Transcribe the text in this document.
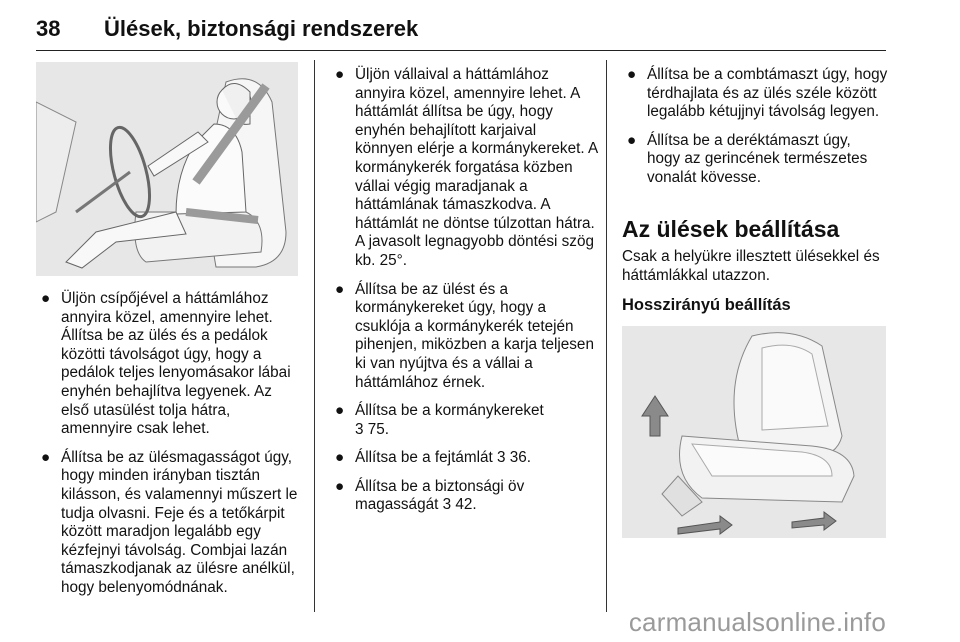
38 Ülések, biztonsági rendszerek
● Üljön csípőjével a háttámlához annyira közel, amennyire lehet. Állítsa be az ülés és a pedálok közötti távolságot úgy, hogy a pedálok teljes lenyomásakor lábai enyhén behajlítva legyenek. Az első utasülést tolja hátra, amennyire csak lehet.
● Állítsa be az ülésmagasságot úgy, hogy minden irányban tisztán kilásson, és valamennyi műszert le tudja olvasni. Feje és a tetőkárpit között maradjon legalább egy kézfejnyi távolság. Combjai lazán támaszkodjanak az ülésre anélkül, hogy belenyomódnának.
● Üljön vállaival a háttámlához annyira közel, amennyire lehet. A háttámlát állítsa be úgy, hogy enyhén behajlított karjaival könnyen elérje a kormánykereket. A kormánykerék forgatása közben vállai végig maradjanak a háttámlának támaszkodva. A háttámlát ne döntse túlzottan hátra. A javasolt legnagyobb döntési szög kb. 25°.
● Állítsa be az ülést és a kormánykereket úgy, hogy a csuklója a kormánykerék tetején pihenjen, miközben a karja teljesen ki van nyújtva és a vállai a háttámlához érnek.
● Állítsa be a kormánykereket
3 75.
● Állítsa be a fejtámlát 3 36.
● Állítsa be a biztonsági öv magasságát 3 42.
● Állítsa be a combtámaszt úgy, hogy térdhajlata és az ülés széle között legalább kétujjnyi távolság legyen.
● Állítsa be a deréktámaszt úgy, hogy az gerincének természetes vonalát kövesse.
Az ülések beállítása

Csak a helyükre illesztett ülésekkel és háttámlákkal utazzon.

Hosszirányú beállítás
carmanualsonline.info
